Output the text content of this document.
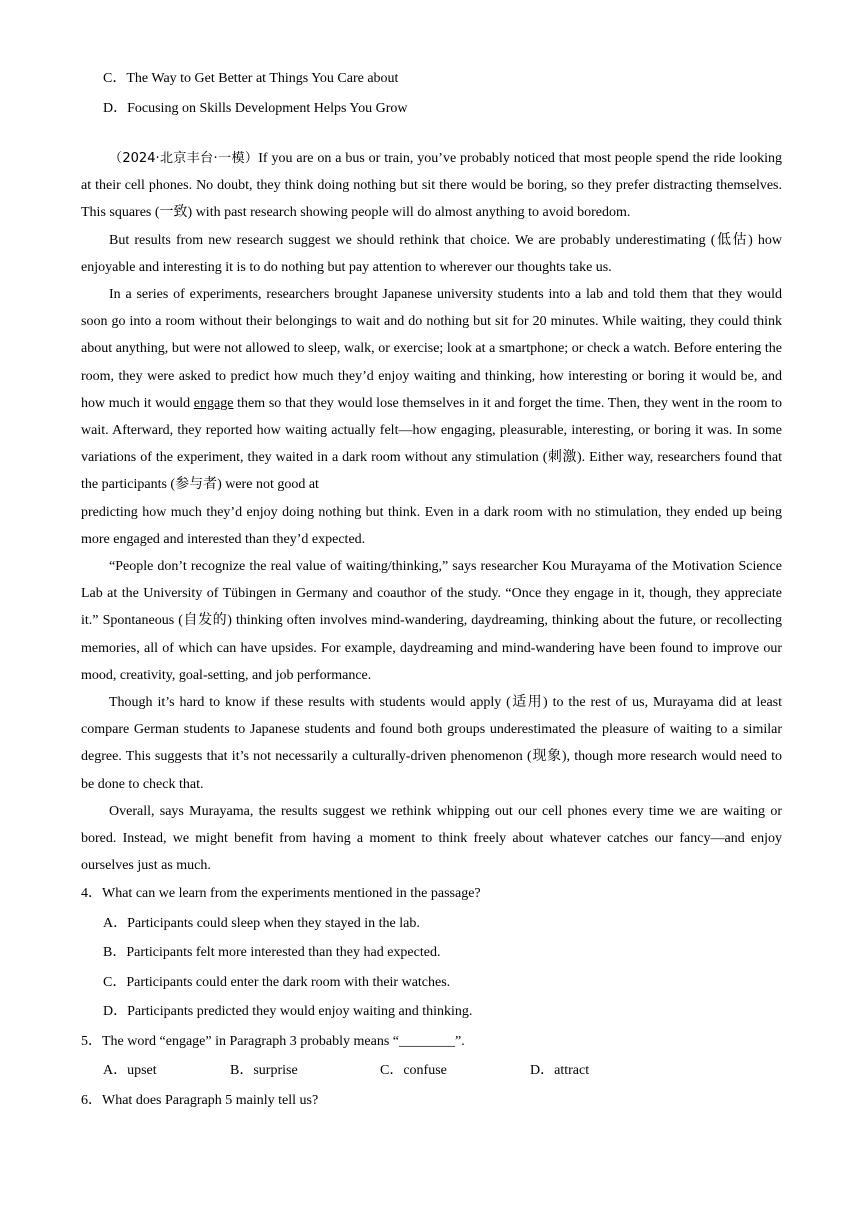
C．The Way to Get Better at Things You Care about
D．Focusing on Skills Development Helps You Grow

（2024·北京丰台·一模）If you are on a bus or train, you’ve probably noticed that most people spend the ride looking at their cell phones. No doubt, they think doing nothing but sit there would be boring, so they prefer distracting themselves. This squares (一致) with past research showing people will do almost anything to avoid boredom.

But results from new research suggest we should rethink that choice. We are probably underestimating (低估) how enjoyable and interesting it is to do nothing but pay attention to wherever our thoughts take us.

In a series of experiments, researchers brought Japanese university students into a lab and told them that they would soon go into a room without their belongings to wait and do nothing but sit for 20 minutes. While waiting, they could think about anything, but were not allowed to sleep, walk, or exercise; look at a smartphone; or check a watch. Before entering the room, they were asked to predict how much they’d enjoy waiting and thinking, how interesting or boring it would be, and how much it would engage them so that they would lose themselves in it and forget the time. Then, they went in the room to wait. Afterward, they reported how waiting actually felt—how engaging, pleasurable, interesting, or boring it was. In some variations of the experiment, they waited in a dark room without any stimulation (刺激). Either way, researchers found that the participants (参与者) were not good at

predicting how much they’d enjoy doing nothing but think. Even in a dark room with no stimulation, they ended up being more engaged and interested than they’d expected.

“People don’t recognize the real value of waiting/thinking,” says researcher Kou Murayama of the Motivation Science Lab at the University of Tübingen in Germany and coauthor of the study. “Once they engage in it, though, they appreciate it.” Spontaneous (自发的) thinking often involves mind-wandering, daydreaming, thinking about the future, or recollecting memories, all of which can have upsides. For example, daydreaming and mind-wandering have been found to improve our mood, creativity, goal-setting, and job performance.

Though it’s hard to know if these results with students would apply (适用) to the rest of us, Murayama did at least compare German students to Japanese students and found both groups underestimated the pleasure of waiting to a similar degree. This suggests that it’s not necessarily a culturally-driven phenomenon (现象), though more research would need to be done to check that.

Overall, says Murayama, the results suggest we rethink whipping out our cell phones every time we are waiting or bored. Instead, we might benefit from having a moment to think freely about whatever catches our fancy—and enjoy ourselves just as much.

4．What can we learn from the experiments mentioned in the passage?
A．Participants could sleep when they stayed in the lab.
B．Participants felt more interested than they had expected.
C．Participants could enter the dark room with their watches.
D．Participants predicted they would enjoy waiting and thinking.
5．The word “engage” in Paragraph 3 probably means “________”.
A．upset	B．surprise	C．confuse	D．attract
6．What does Paragraph 5 mainly tell us?
